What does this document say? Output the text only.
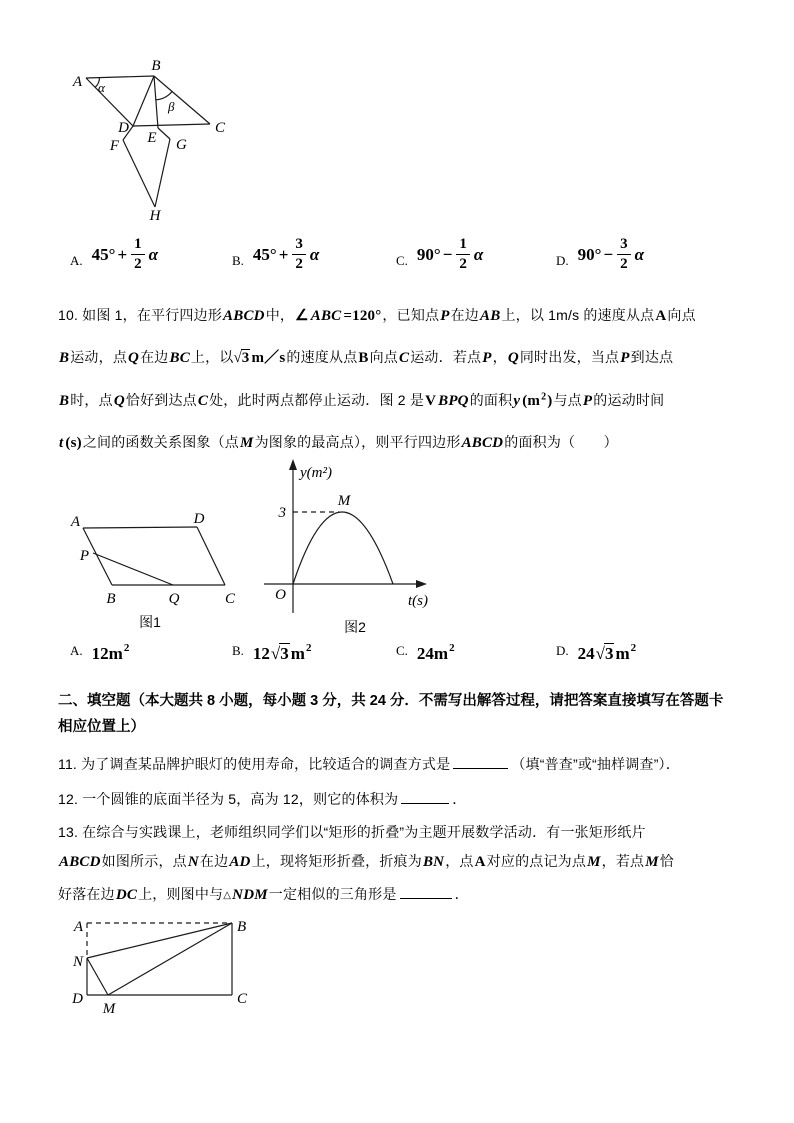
A
B
α
β
D
E
C
F	G
H
A. $45^\circ + \frac{1}{2}$ α	B. $45^\circ + \frac{3}{2}$ α	C. $90^\circ - \frac{1}{2}$ α	D. $90^\circ - \frac{3}{2}$ α
10. 如图 1，在平行四边形ABCD中，∠ ABC =120°，已知点P在边AB上，以 1m/s 的速度从点A向点
B运动，点Q在边BC上，以√3 m／s的速度从点B向点C运动．若点P，Q同时出发，当点P到达点
B时，点Q恰好到达点C处，此时两点都停止运动．图 2 是V BPQ的面积y $(m^2)$与点P的运动时间
t (s)之间的函数关系图象（点M为图象的最高点），则平行四边形ABCD的面积为（　　）
A	D
P
B	Q	C
图1
3
y(m²)
M
O	t(s)
图2
A. 12m 2	B. 12 √3 m 2	C. 24m 2	D. 24 √3 m 2
二、填空题（本大题共 8 小题，每小题 3 分，共 24 分．不需写出解答过程，请把答案直接填写在答题卡
相应位置上）
11. 为了调查某品牌护眼灯的使用寿命，比较适合的调查方式是	（填“普查”或“抽样调查”）．
12. 一个圆锥的底面半径为 5，高为 12，则它的体积为	．
13. 在综合与实践课上，老师组织同学们以“矩形的折叠”为主题开展数学活动．有一张矩形纸片
ABCD如图所示，点N在边AD上，现将矩形折叠，折痕为BN，点A对应的点记为点M，若点M恰
好落在边DC上，则图中与△NDM一定相似的三角形是	．
A	B
N
D	C
M
